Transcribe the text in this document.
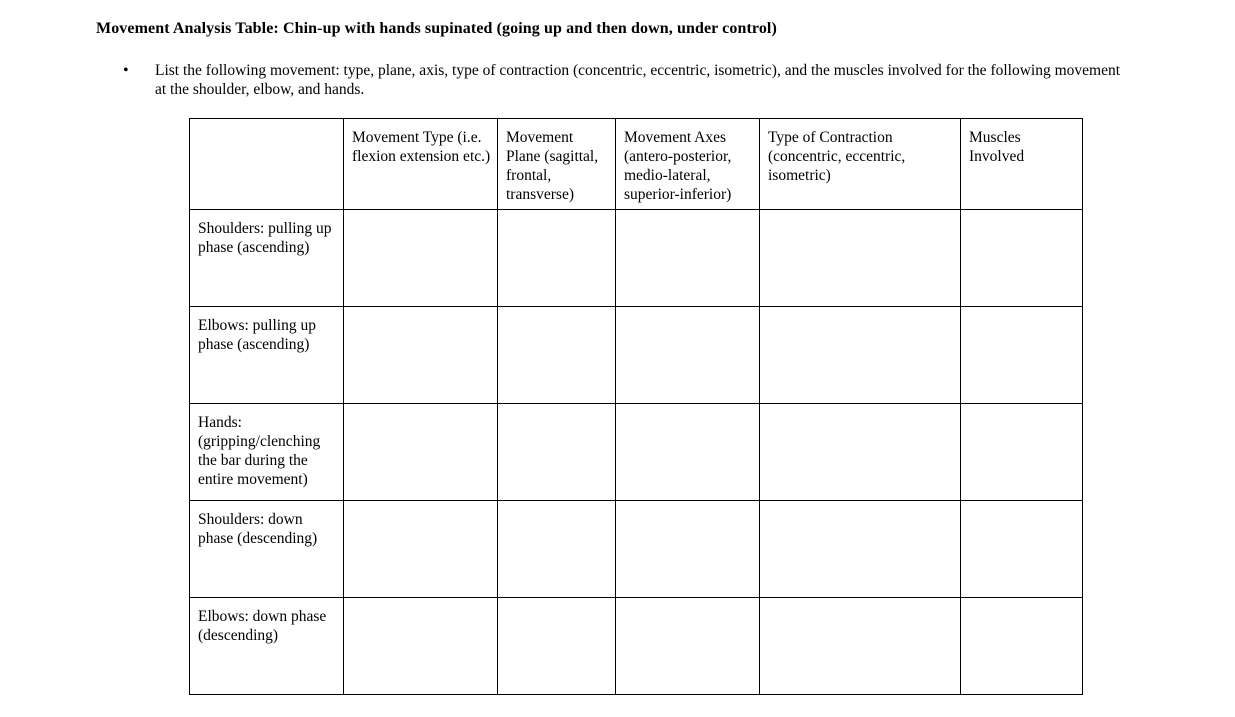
Movement Analysis Table: Chin-up with hands supinated (going up and then down, under control)
• List the following movement: type, plane, axis, type of contraction (concentric, eccentric, isometric), and the muscles involved for the following movement at the shoulder, elbow, and hands.
	Movement Type (i.e. flexion extension etc.)	Movement Plane (sagittal, frontal, transverse)	Movement Axes (antero-posterior, medio-lateral, superior-inferior)	Type of Contraction (concentric, eccentric, isometric)	Muscles Involved
Shoulders: pulling up phase (ascending)					
Elbows: pulling up phase (ascending)					
Hands: (gripping/clenching the bar during the entire movement)					
Shoulders: down phase (descending)					
Elbows: down phase (descending)					
